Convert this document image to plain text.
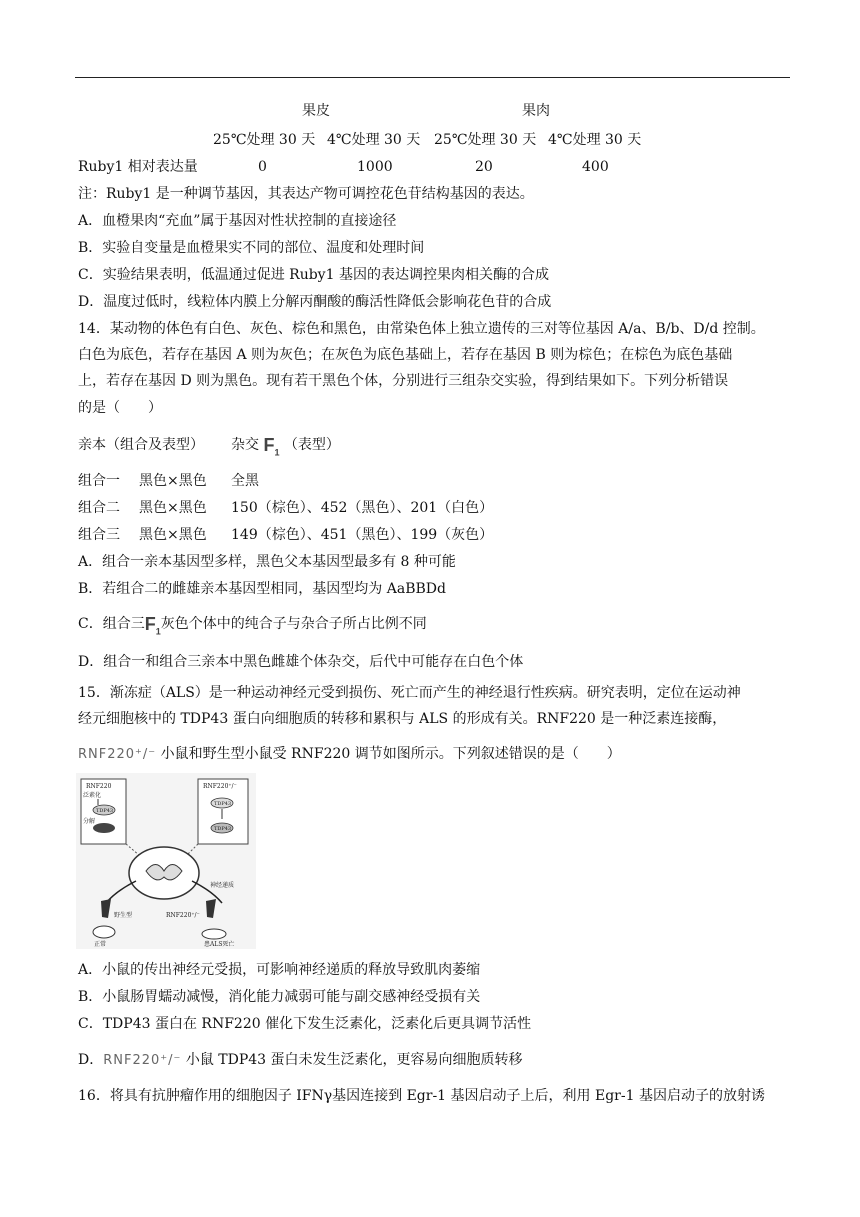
果皮	果肉
25℃处理 30 天 4℃处理 30 天 25℃处理 30 天 4℃处理 30 天
Ruby1 相对表达量	0	1000	20	400
注：Ruby1 是一种调节基因，其表达产物可调控花色苷结构基因的表达。
A．血橙果肉“充血”属于基因对性状控制的直接途径
B．实验自变量是血橙果实不同的部位、温度和处理时间
C．实验结果表明，低温通过促进 Ruby1 基因的表达调控果肉相关酶的合成
D．温度过低时，线粒体内膜上分解丙酮酸的酶活性降低会影响花色苷的合成
14．某动物的体色有白色、灰色、棕色和黑色，由常染色体上独立遗传的三对等位基因 A/a、B/b、D/d 控制。
白色为底色，若存在基因 A 则为灰色；在灰色为底色基础上，若存在基因 B 则为棕色；在棕色为底色基础
上，若存在基因 D 则为黑色。现有若干黑色个体，分别进行三组杂交实验，得到结果如下。下列分析错误
的是（　　）
亲本（组合及表型） 杂交 $F_1$ （表型）
组合一 黑色×黑色 全黑
组合二 黑色×黑色 150（棕色）、452（黑色）、201（白色）
组合三 黑色×黑色 149（棕色）、451（黑色）、199（灰色）
A．组合一亲本基因型多样，黑色父本基因型最多有 8 种可能
B．若组合二的雌雄亲本基因型相同，基因型均为 AaBBDd
C．组合三$F_1$灰色个体中的纯合子与杂合子所占比例不同
D．组合一和组合三亲本中黑色雌雄个体杂交，后代中可能存在白色个体
15．渐冻症（ALS）是一种运动神经元受到损伤、死亡而产生的神经退行性疾病。研究表明，定位在运动神
经元细胞核中的 TDP43 蛋白向细胞质的转移和累积与 ALS 的形成有关。RNF220 是一种泛素连接酶，
RNF220⁺/⁻ 小鼠和野生型小鼠受 RNF220 调节如图所示。下列叙述错误的是（　　）
RNF220
泛素化
TDP43
分解
RNF220⁺/⁻
TDP43
TDP43
神经递质
野生型	RNF220⁺/⁻
正常	患ALS死亡
A．小鼠的传出神经元受损，可影响神经递质的释放导致肌肉萎缩
B．小鼠肠胃蠕动减慢，消化能力减弱可能与副交感神经受损有关
C．TDP43 蛋白在 RNF220 催化下发生泛素化，泛素化后更具调节活性
D．RNF220⁺/⁻ 小鼠 TDP43 蛋白未发生泛素化，更容易向细胞质转移
16．将具有抗肿瘤作用的细胞因子 IFNγ基因连接到 Egr-1 基因启动子上后，利用 Egr-1 基因启动子的放射诱
